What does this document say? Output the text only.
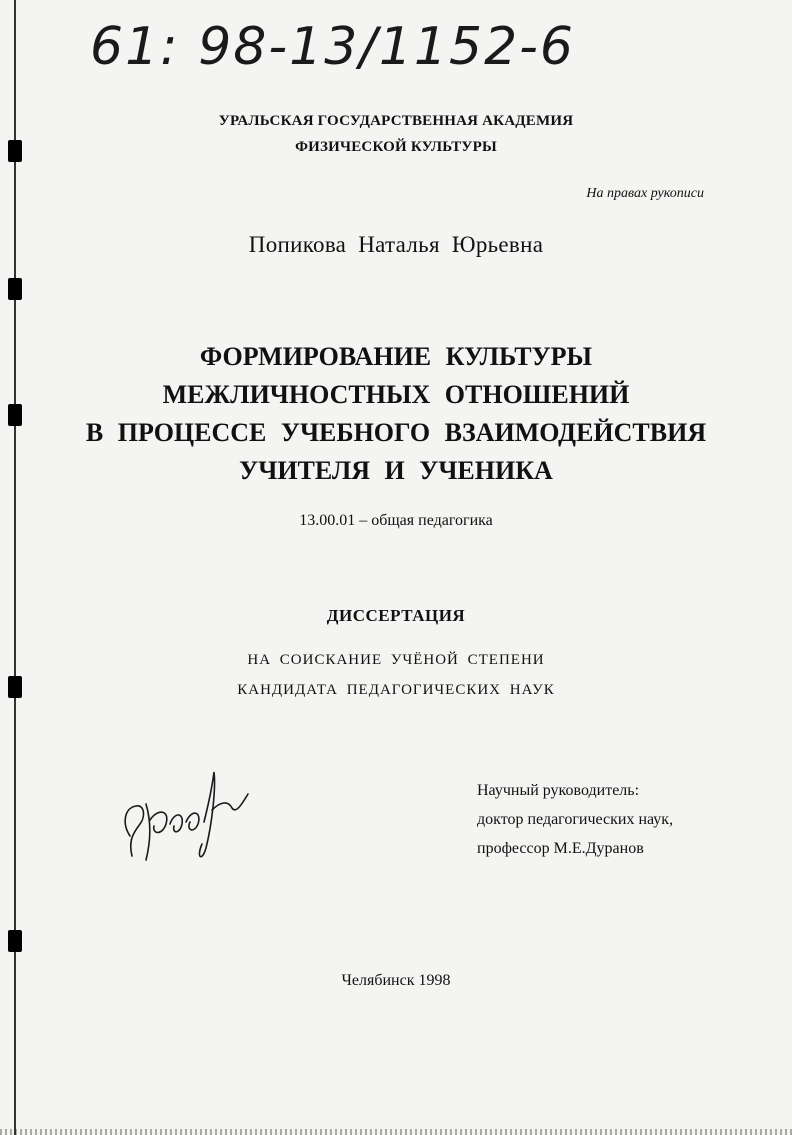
61: 98-13/1152-6
УРАЛЬСКАЯ ГОСУДАРСТВЕННАЯ АКАДЕМИЯ
ФИЗИЧЕСКОЙ КУЛЬТУРЫ
На правах рукописи
Попикова Наталья Юрьевна
ФОРМИРОВАНИЕ КУЛЬТУРЫ
МЕЖЛИЧНОСТНЫХ ОТНОШЕНИЙ
В ПРОЦЕССЕ УЧЕБНОГО ВЗАИМОДЕЙСТВИЯ
УЧИТЕЛЯ И УЧЕНИКА
13.00.01 – общая педагогика
ДИССЕРТАЦИЯ
НА СОИСКАНИЕ УЧЁНОЙ СТЕПЕНИ
КАНДИДАТА ПЕДАГОГИЧЕСКИХ НАУК
Научный руководитель:
доктор педагогических наук,
профессор М.Е.Дуранов
Челябинск 1998
